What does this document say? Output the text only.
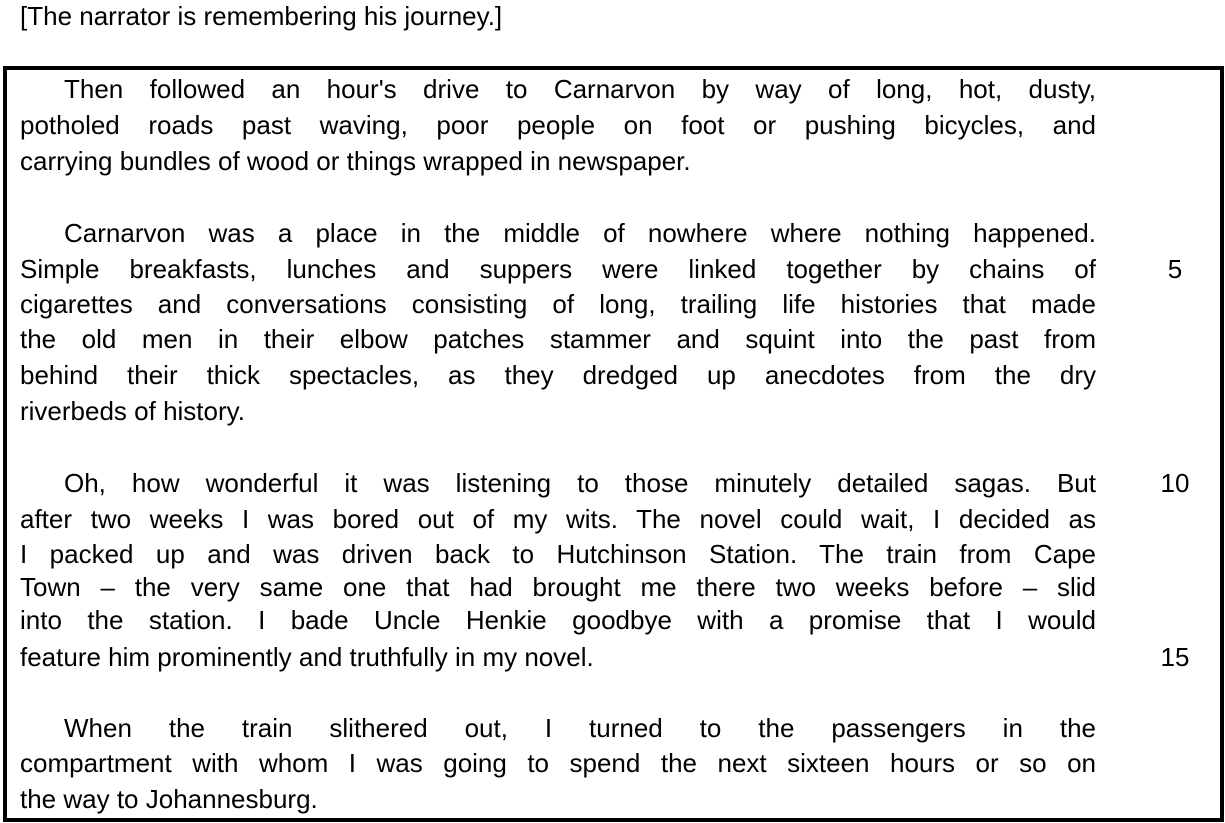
[The narrator is remembering his journey.]
Then followed an hour's drive to Carnarvon by way of long, hot, dusty,
potholed roads past waving, poor people on foot or pushing bicycles, and
carrying bundles of wood or things wrapped in newspaper.
Carnarvon was a place in the middle of nowhere where nothing happened.
Simple breakfasts, lunches and suppers were linked together by chains of
cigarettes and conversations consisting of long, trailing life histories that made
the old men in their elbow patches stammer and squint into the past from
behind their thick spectacles, as they dredged up anecdotes from the dry
riverbeds of history.
Oh, how wonderful it was listening to those minutely detailed sagas. But
after two weeks I was bored out of my wits. The novel could wait, I decided as
I packed up and was driven back to Hutchinson Station. The train from Cape
Town – the very same one that had brought me there two weeks before – slid
into the station. I bade Uncle Henkie goodbye with a promise that I would
feature him prominently and truthfully in my novel.
When the train slithered out, I turned to the passengers in the
compartment with whom I was going to spend the next sixteen hours or so on
the way to Johannesburg.
5
10
15
